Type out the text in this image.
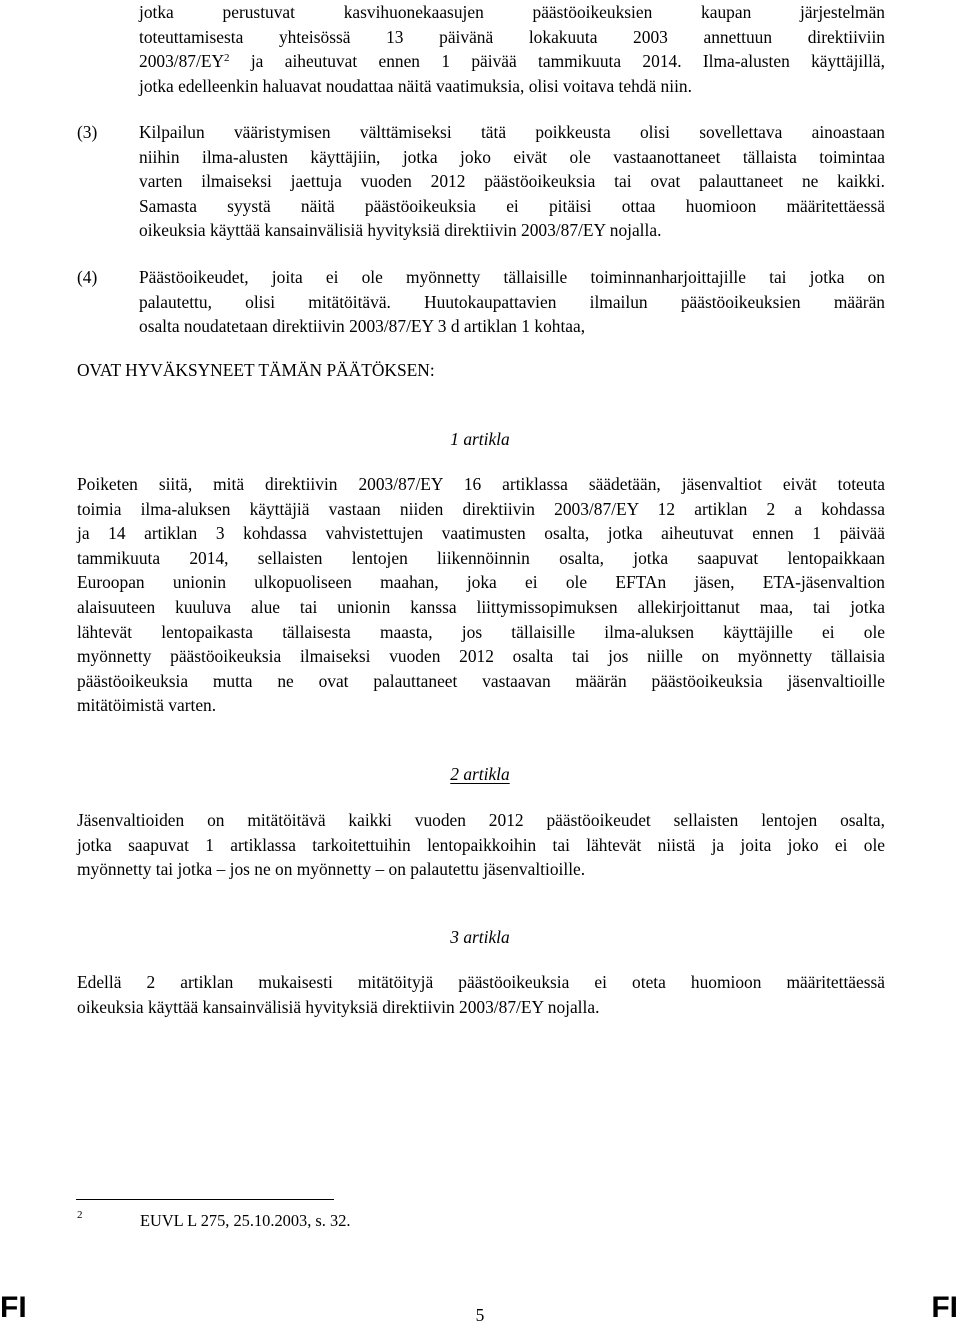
jotka perustuvat kasvihuonekaasujen päästöoikeuksien kaupan järjestelmän
toteuttamisesta yhteisössä 13 päivänä lokakuuta 2003 annettuun direktiiviin
$2003/87/EY^2$ ja aiheutuvat ennen 1 päivää tammikuuta 2014. Ilma-alusten käyttäjillä,
jotka edelleenkin haluavat noudattaa näitä vaatimuksia, olisi voitava tehdä niin.
(3) Kilpailun vääristymisen välttämiseksi tätä poikkeusta olisi sovellettava ainoastaan
niihin ilma-alusten käyttäjiin, jotka joko eivät ole vastaanottaneet tällaista toimintaa
varten ilmaiseksi jaettuja vuoden 2012 päästöoikeuksia tai ovat palauttaneet ne kaikki.
Samasta syystä näitä päästöoikeuksia ei pitäisi ottaa huomioon määritettäessä
oikeuksia käyttää kansainvälisiä hyvityksiä direktiivin 2003/87/EY nojalla.
(4) Päästöoikeudet, joita ei ole myönnetty tällaisille toiminnanharjoittajille tai jotka on
palautettu, olisi mitätöitävä. Huutokaupattavien ilmailun päästöoikeuksien määrän
osalta noudatetaan direktiivin 2003/87/EY 3 d artiklan 1 kohtaa,
OVAT HYVÄKSYNEET TÄMÄN PÄÄTÖKSEN:
1 artikla
Poiketen siitä, mitä direktiivin 2003/87/EY 16 artiklassa säädetään, jäsenvaltiot eivät toteuta
toimia ilma-aluksen käyttäjiä vastaan niiden direktiivin 2003/87/EY 12 artiklan 2 a kohdassa
ja 14 artiklan 3 kohdassa vahvistettujen vaatimusten osalta, jotka aiheutuvat ennen 1 päivää
tammikuuta 2014, sellaisten lentojen liikennöinnin osalta, jotka saapuvat lentopaikkaan
Euroopan unionin ulkopuoliseen maahan, joka ei ole EFTAn jäsen, ETA-jäsenvaltion
alaisuuteen kuuluva alue tai unionin kanssa liittymissopimuksen allekirjoittanut maa, tai jotka
lähtevät lentopaikasta tällaisesta maasta, jos tällaisille ilma-aluksen käyttäjille ei ole
myönnetty päästöoikeuksia ilmaiseksi vuoden 2012 osalta tai jos niille on myönnetty tällaisia
päästöoikeuksia mutta ne ovat palauttaneet vastaavan määrän päästöoikeuksia jäsenvaltioille
mitätöimistä varten.
2 artikla
Jäsenvaltioiden on mitätöitävä kaikki vuoden 2012 päästöoikeudet sellaisten lentojen osalta,
jotka saapuvat 1 artiklassa tarkoitettuihin lentopaikkoihin tai lähtevät niistä ja joita joko ei ole
myönnetty tai jotka – jos ne on myönnetty – on palautettu jäsenvaltioille.
3 artikla
Edellä 2 artiklan mukaisesti mitätöityjä päästöoikeuksia ei oteta huomioon määritettäessä
oikeuksia käyttää kansainvälisiä hyvityksiä direktiivin 2003/87/EY nojalla.
2	EUVL L 275, 25.10.2003, s. 32.
FI	5	FI
